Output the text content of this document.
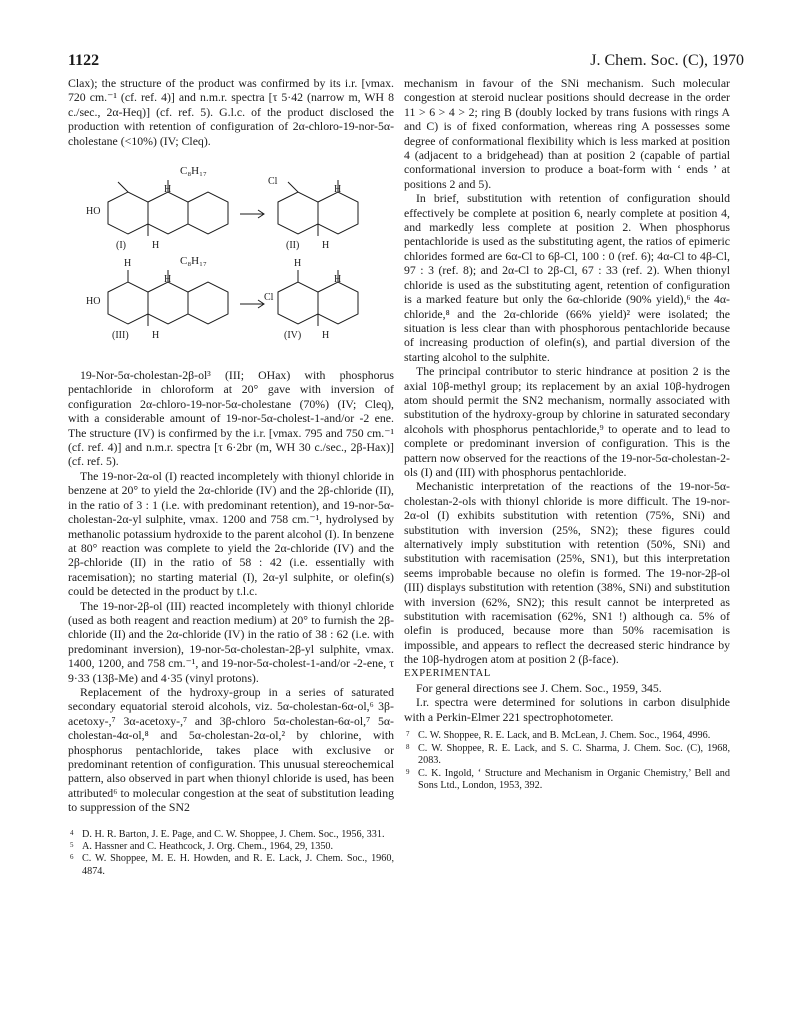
1122	J. Chem. Soc. (C), 1970

Clax); the structure of the product was confirmed by its i.r. [νmax. 720 cm.⁻¹ (cf. ref. 4)] and n.m.r. spectra [τ 5·42 (narrow m, WH 8 c./sec., 2α-Heq)] (cf. ref. 5). G.l.c. of the product disclosed the production with retention of configuration of 2α-chloro-19-nor-5α-cholestane (<10%) (IV; Cleq).

C₈H₁₇
HO
H
H
(I)
Cl
H
H
(II)
C₈H₁₇
HO
H
H
H
(III)
Cl
H
H
H
(IV)

19-Nor-5α-cholestan-2β-ol³ (III; OHax) with phosphorus pentachloride in chloroform at 20° gave with inversion of configuration 2α-chloro-19-nor-5α-cholestane (70%) (IV; Cleq), with a considerable amount of 19-nor-5α-cholest-1-and/or -2 ene. The structure (IV) is confirmed by the i.r. [νmax. 795 and 750 cm.⁻¹ (cf. ref. 4)] and n.m.r. spectra [τ 6·2br (m, WH 30 c./sec., 2β-Hax)] (cf. ref. 5).

The 19-nor-2α-ol (I) reacted incompletely with thionyl chloride in benzene at 20° to yield the 2α-chloride (IV) and the 2β-chloride (II), in the ratio of 3 : 1 (i.e. with predominant retention), and 19-nor-5α-cholestan-2α-yl sulphite, νmax. 1200 and 758 cm.⁻¹, hydrolysed by methanolic potassium hydroxide to the parent alcohol (I). In benzene at 80° reaction was complete to yield the 2α-chloride (IV) and the 2β-chloride (II) in the ratio of 58 : 42 (i.e. essentially with racemisation); no starting material (I), 2α-yl sulphite, or olefin(s) could be detected in the product by t.l.c.

The 19-nor-2β-ol (III) reacted incompletely with thionyl chloride (used as both reagent and reaction medium) at 20° to furnish the 2β-chloride (II) and the 2α-chloride (IV) in the ratio of 38 : 62 (i.e. with predominant inversion), 19-nor-5α-cholestan-2β-yl sulphite, νmax. 1400, 1200, and 758 cm.⁻¹, and 19-nor-5α-cholest-1-and/or -2-ene, τ 9·33 (13β-Me) and 4·35 (vinyl protons).

Replacement of the hydroxy-group in a series of saturated secondary equatorial steroid alcohols, viz. 5α-cholestan-6α-ol,⁶ 3β-acetoxy-,⁷ 3α-acetoxy-,⁷ and 3β-chloro 5α-cholestan-6α-ol,⁷ 5α-cholestan-4α-ol,⁸ and 5α-cholestan-2α-ol,² by chlorine, with phosphorus pentachloride, takes place with exclusive or predominant retention of configuration. This unusual stereochemical pattern, also observed in part when thionyl chloride is used, has been attributed⁶ to molecular congestion at the seat of substitution leading to suppression of the SN2

4 D. H. R. Barton, J. E. Page, and C. W. Shoppee, J. Chem. Soc., 1956, 331.

5 A. Hassner and C. Heathcock, J. Org. Chem., 1964, 29, 1350.

6 C. W. Shoppee, M. E. H. Howden, and R. E. Lack, J. Chem. Soc., 1960, 4874.

mechanism in favour of the SNi mechanism. Such molecular congestion at steroid nuclear positions should decrease in the order 11 > 6 > 4 > 2; ring B (doubly locked by trans fusions with rings A and C) is of fixed conformation, whereas ring A possesses some degree of conformational flexibility which is less marked at position 4 (adjacent to a bridgehead) than at position 2 (capable of partial conformational inversion to produce a boat-form with ‘ ends ’ at positions 2 and 5).

In brief, substitution with retention of configuration should effectively be complete at position 6, nearly complete at position 4, and markedly less complete at position 2. When phosphorus pentachloride is used as the substituting agent, the ratios of epimeric chlorides formed are 6α-Cl to 6β-Cl, 100 : 0 (ref. 6); 4α-Cl to 4β-Cl, 97 : 3 (ref. 8); and 2α-Cl to 2β-Cl, 67 : 33 (ref. 2). When thionyl chloride is used as the substituting agent, retention of configuration is a marked feature but only the 6α-chloride (90% yield),⁶ the 4α-chloride,⁸ and the 2α-chloride (66% yield)² were isolated; the situation is less clear than with phosphorous pentachloride because of increasing production of olefin(s), and partial diversion of the starting alcohol to the sulphite.

The principal contributor to steric hindrance at position 2 is the axial 10β-methyl group; its replacement by an axial 10β-hydrogen atom should permit the SN2 mechanism, normally associated with substitution of the hydroxy-group by chlorine in saturated secondary alcohols with phosphorus pentachloride,⁹ to operate and to lead to complete or predominant inversion of configuration. This is the pattern now observed for the reactions of the 19-nor-5α-cholestan-2-ols (I) and (III) with phosphorus pentachloride.

Mechanistic interpretation of the reactions of the 19-nor-5α-cholestan-2-ols with thionyl chloride is more difficult. The 19-nor-2α-ol (I) exhibits substitution with retention (75%, SNi) and substitution with inversion (25%, SN2); these figures could alternatively imply substitution with retention (50%, SNi) and substitution with racemisation (25%, SN1), but this interpretation seems improbable because no olefin is formed. The 19-nor-2β-ol (III) displays substitution with retention (38%, SNi) and substitution with inversion (62%, SN2); this result cannot be interpreted as substitution with racemisation (62%, SN1 !) although ca. 5% of olefin is produced, because more than 50% racemisation is impossible, and appears to reflect the decreased steric hindrance by the 10β-hydrogen atom at position 2 (β-face).

EXPERIMENTAL

For general directions see J. Chem. Soc., 1959, 345.

I.r. spectra were determined for solutions in carbon disulphide with a Perkin-Elmer 221 spectrophotometer.

7 C. W. Shoppee, R. E. Lack, and B. McLean, J. Chem. Soc., 1964, 4996.

8 C. W. Shoppee, R. E. Lack, and S. C. Sharma, J. Chem. Soc. (C), 1968, 2083.

9 C. K. Ingold, ‘ Structure and Mechanism in Organic Chemistry,’ Bell and Sons Ltd., London, 1953, 392.
